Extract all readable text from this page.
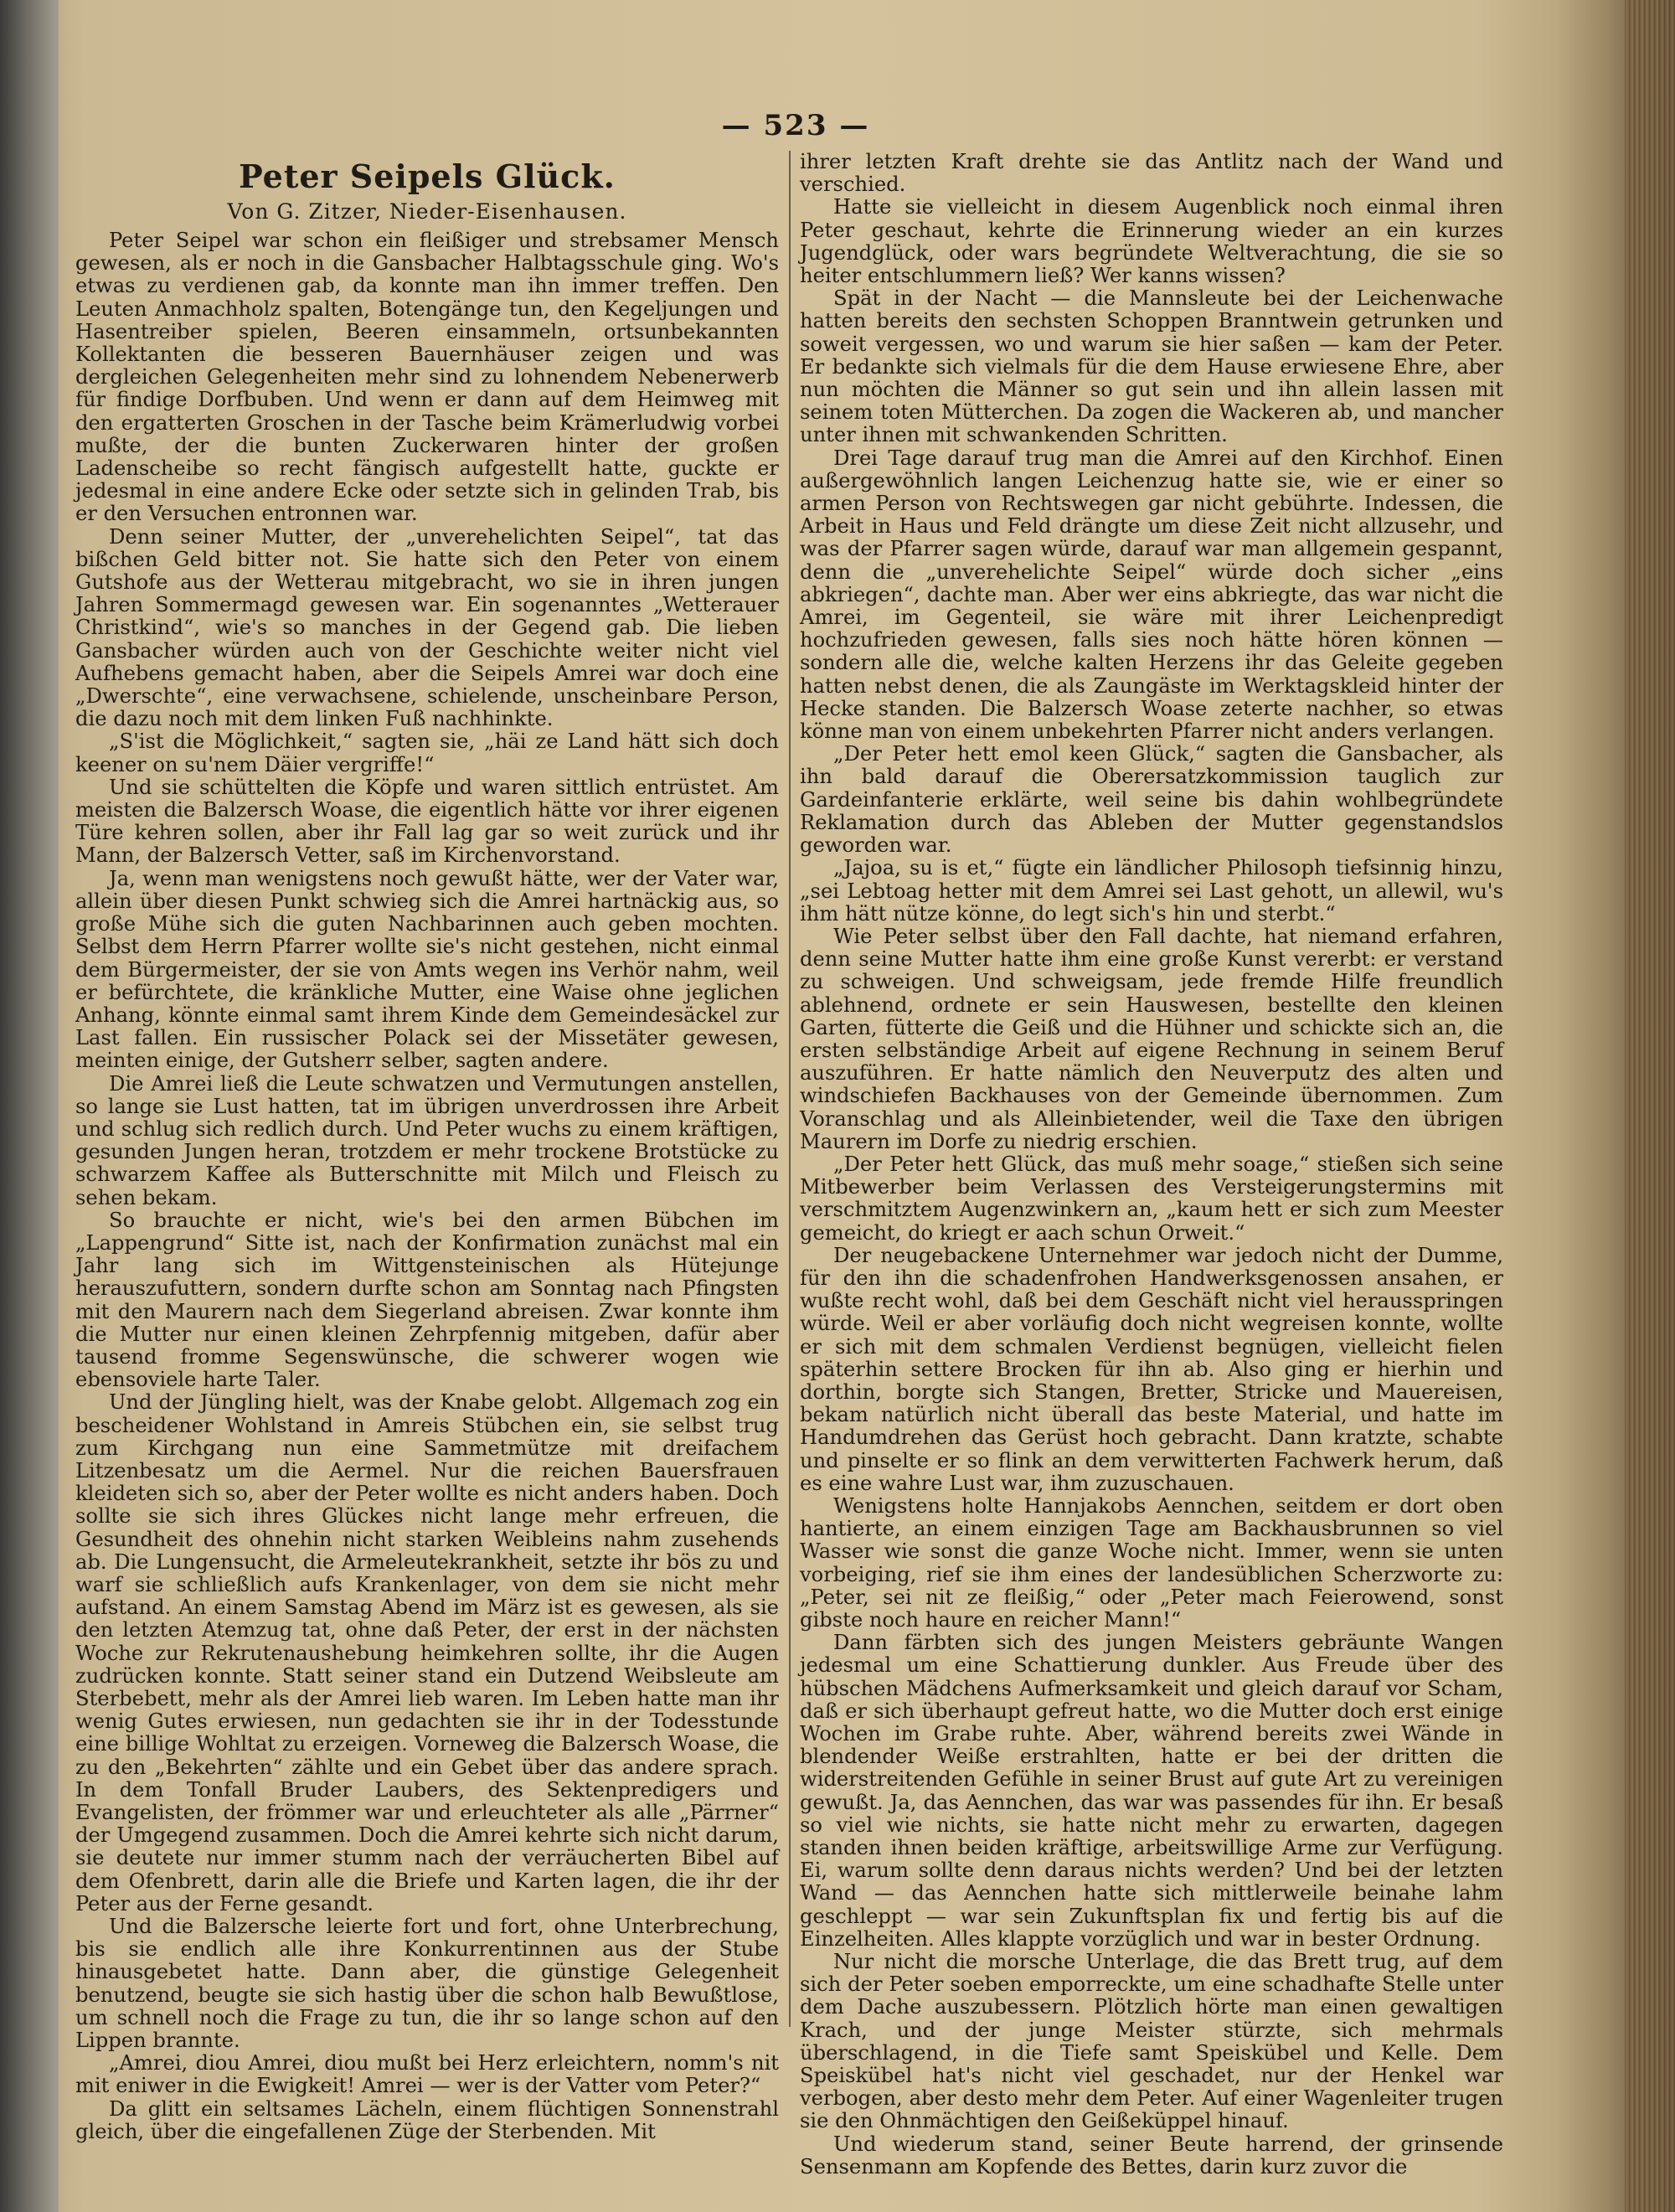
— 523 —
Peter Seipels Glück.
Von G. Zitzer, Nieder-Eisenhausen.

Peter Seipel war schon ein fleißiger und strebsamer Mensch gewesen, als er noch in die Gansbacher Halbtagsschule ging. Wo's etwas zu verdienen gab, da konnte man ihn immer treffen. Den Leuten Anmachholz spalten, Botengänge tun, den Kegeljungen und Hasentreiber spielen, Beeren einsammeln, ortsunbekannten Kollektanten die besseren Bauernhäuser zeigen und was dergleichen Gelegenheiten mehr sind zu lohnendem Nebenerwerb für findige Dorfbuben. Und wenn er dann auf dem Heimweg mit den ergatterten Groschen in der Tasche beim Krämerludwig vorbei mußte, der die bunten Zuckerwaren hinter der großen Ladenscheibe so recht fängisch aufgestellt hatte, guckte er jedesmal in eine andere Ecke oder setzte sich in gelinden Trab, bis er den Versuchen entronnen war.

Denn seiner Mutter, der „unverehelichten Seipel“, tat das bißchen Geld bitter not. Sie hatte sich den Peter von einem Gutshofe aus der Wetterau mitgebracht, wo sie in ihren jungen Jahren Sommermagd gewesen war. Ein sogenanntes „Wetterauer Christkind“, wie's so manches in der Gegend gab. Die lieben Gansbacher würden auch von der Geschichte weiter nicht viel Aufhebens gemacht haben, aber die Seipels Amrei war doch eine „Dwerschte“, eine verwachsene, schielende, unscheinbare Person, die dazu noch mit dem linken Fuß nachhinkte.

„S'ist die Möglichkeit,“ sagten sie, „häi ze Land hätt sich doch keener on su'nem Däier vergriffe!“

Und sie schüttelten die Köpfe und waren sittlich entrüstet. Am meisten die Balzersch Woase, die eigentlich hätte vor ihrer eigenen Türe kehren sollen, aber ihr Fall lag gar so weit zurück und ihr Mann, der Balzersch Vetter, saß im Kirchenvorstand.

Ja, wenn man wenigstens noch gewußt hätte, wer der Vater war, allein über diesen Punkt schwieg sich die Amrei hartnäckig aus, so große Mühe sich die guten Nachbarinnen auch geben mochten. Selbst dem Herrn Pfarrer wollte sie's nicht gestehen, nicht einmal dem Bürgermeister, der sie von Amts wegen ins Verhör nahm, weil er befürchtete, die kränkliche Mutter, eine Waise ohne jeglichen Anhang, könnte einmal samt ihrem Kinde dem Gemeindesäckel zur Last fallen. Ein russischer Polack sei der Missetäter gewesen, meinten einige, der Gutsherr selber, sagten andere.

Die Amrei ließ die Leute schwatzen und Vermutungen anstellen, so lange sie Lust hatten, tat im übrigen unverdrossen ihre Arbeit und schlug sich redlich durch. Und Peter wuchs zu einem kräftigen, gesunden Jungen heran, trotzdem er mehr trockene Brotstücke zu schwarzem Kaffee als Butterschnitte mit Milch und Fleisch zu sehen bekam.

So brauchte er nicht, wie's bei den armen Bübchen im „Lappengrund“ Sitte ist, nach der Konfirmation zunächst mal ein Jahr lang sich im Wittgensteinischen als Hütejunge herauszufuttern, sondern durfte schon am Sonntag nach Pfingsten mit den Maurern nach dem Siegerland abreisen. Zwar konnte ihm die Mutter nur einen kleinen Zehrpfennig mitgeben, dafür aber tausend fromme Segenswünsche, die schwerer wogen wie ebensoviele harte Taler.

Und der Jüngling hielt, was der Knabe gelobt. Allgemach zog ein bescheidener Wohlstand in Amreis Stübchen ein, sie selbst trug zum Kirchgang nun eine Sammetmütze mit dreifachem Litzenbesatz um die Aermel. Nur die reichen Bauersfrauen kleideten sich so, aber der Peter wollte es nicht anders haben. Doch sollte sie sich ihres Glückes nicht lange mehr erfreuen, die Gesundheit des ohnehin nicht starken Weibleins nahm zusehends ab. Die Lungensucht, die Armeleutekrankheit, setzte ihr bös zu und warf sie schließlich aufs Krankenlager, von dem sie nicht mehr aufstand. An einem Samstag Abend im März ist es gewesen, als sie den letzten Atemzug tat, ohne daß Peter, der erst in der nächsten Woche zur Rekrutenaushebung heimkehren sollte, ihr die Augen zudrücken konnte. Statt seiner stand ein Dutzend Weibsleute am Sterbebett, mehr als der Amrei lieb waren. Im Leben hatte man ihr wenig Gutes erwiesen, nun gedachten sie ihr in der Todesstunde eine billige Wohltat zu erzeigen. Vorneweg die Balzersch Woase, die zu den „Bekehrten“ zählte und ein Gebet über das andere sprach. In dem Tonfall Bruder Laubers, des Sektenpredigers und Evangelisten, der frömmer war und erleuchteter als alle „Pärrner“ der Umgegend zusammen. Doch die Amrei kehrte sich nicht darum, sie deutete nur immer stumm nach der verräucherten Bibel auf dem Ofenbrett, darin alle die Briefe und Karten lagen, die ihr der Peter aus der Ferne gesandt.

Und die Balzersche leierte fort und fort, ohne Unterbrechung, bis sie endlich alle ihre Konkurrentinnen aus der Stube hinausgebetet hatte. Dann aber, die günstige Gelegenheit benutzend, beugte sie sich hastig über die schon halb Bewußtlose, um schnell noch die Frage zu tun, die ihr so lange schon auf den Lippen brannte.

„Amrei, diou Amrei, diou mußt bei Herz erleichtern, nomm's nit mit eniwer in die Ewigkeit! Amrei — wer is der Vatter vom Peter?“

Da glitt ein seltsames Lächeln, einem flüchtigen Sonnenstrahl gleich, über die eingefallenen Züge der Sterbenden. Mit

ihrer letzten Kraft drehte sie das Antlitz nach der Wand und verschied.

Hatte sie vielleicht in diesem Augenblick noch einmal ihren Peter geschaut, kehrte die Erinnerung wieder an ein kurzes Jugendglück, oder wars begründete Weltverachtung, die sie so heiter entschlummern ließ? Wer kanns wissen?

Spät in der Nacht — die Mannsleute bei der Leichenwache hatten bereits den sechsten Schoppen Branntwein getrunken und soweit vergessen, wo und warum sie hier saßen — kam der Peter. Er bedankte sich vielmals für die dem Hause erwiesene Ehre, aber nun möchten die Männer so gut sein und ihn allein lassen mit seinem toten Mütterchen. Da zogen die Wackeren ab, und mancher unter ihnen mit schwankenden Schritten.

Drei Tage darauf trug man die Amrei auf den Kirchhof. Einen außergewöhnlich langen Leichenzug hatte sie, wie er einer so armen Person von Rechtswegen gar nicht gebührte. Indessen, die Arbeit in Haus und Feld drängte um diese Zeit nicht allzusehr, und was der Pfarrer sagen würde, darauf war man allgemein gespannt, denn die „unverehelichte Seipel“ würde doch sicher „eins abkriegen“, dachte man. Aber wer eins abkriegte, das war nicht die Amrei, im Gegenteil, sie wäre mit ihrer Leichenpredigt hochzufrieden gewesen, falls sies noch hätte hören können — sondern alle die, welche kalten Herzens ihr das Geleite gegeben hatten nebst denen, die als Zaungäste im Werktagskleid hinter der Hecke standen. Die Balzersch Woase zeterte nachher, so etwas könne man von einem unbekehrten Pfarrer nicht anders verlangen.

„Der Peter hett emol keen Glück,“ sagten die Gansbacher, als ihn bald darauf die Oberersatzkommission tauglich zur Gardeinfanterie erklärte, weil seine bis dahin wohlbegründete Reklamation durch das Ableben der Mutter gegenstandslos geworden war.

„Jajoa, su is et,“ fügte ein ländlicher Philosoph tiefsinnig hinzu, „sei Lebtoag hetter mit dem Amrei sei Last gehott, un allewil, wu's ihm hätt nütze könne, do legt sich's hin und sterbt.“

Wie Peter selbst über den Fall dachte, hat niemand erfahren, denn seine Mutter hatte ihm eine große Kunst vererbt: er verstand zu schweigen. Und schweigsam, jede fremde Hilfe freundlich ablehnend, ordnete er sein Hauswesen, bestellte den kleinen Garten, fütterte die Geiß und die Hühner und schickte sich an, die ersten selbständige Arbeit auf eigene Rechnung in seinem Beruf auszuführen. Er hatte nämlich den Neuverputz des alten und windschiefen Backhauses von der Gemeinde übernommen. Zum Voranschlag und als Alleinbietender, weil die Taxe den übrigen Maurern im Dorfe zu niedrig erschien.

„Der Peter hett Glück, das muß mehr soage,“ stießen sich seine Mitbewerber beim Verlassen des Versteigerungstermins mit verschmitztem Augenzwinkern an, „kaum hett er sich zum Meester gemeicht, do kriegt er aach schun Orweit.“

Der neugebackene Unternehmer war jedoch nicht der Dumme, für den ihn die schadenfrohen Handwerksgenossen ansahen, er wußte recht wohl, daß bei dem Geschäft nicht viel herausspringen würde. Weil er aber vorläufig doch nicht wegreisen konnte, wollte er sich mit dem schmalen Verdienst begnügen, vielleicht fielen späterhin settere Brocken für ihn ab. Also ging er hierhin und dorthin, borgte sich Stangen, Bretter, Stricke und Mauereisen, bekam natürlich nicht überall das beste Material, und hatte im Handumdrehen das Gerüst hoch gebracht. Dann kratzte, schabte und pinselte er so flink an dem verwitterten Fachwerk herum, daß es eine wahre Lust war, ihm zuzuschauen.

Wenigstens holte Hannjakobs Aennchen, seitdem er dort oben hantierte, an einem einzigen Tage am Backhausbrunnen so viel Wasser wie sonst die ganze Woche nicht. Immer, wenn sie unten vorbeiging, rief sie ihm eines der landesüblichen Scherzworte zu: „Peter, sei nit ze fleißig,“ oder „Peter mach Feierowend, sonst gibste noch haure en reicher Mann!“

Dann färbten sich des jungen Meisters gebräunte Wangen jedesmal um eine Schattierung dunkler. Aus Freude über des hübschen Mädchens Aufmerksamkeit und gleich darauf vor Scham, daß er sich überhaupt gefreut hatte, wo die Mutter doch erst einige Wochen im Grabe ruhte. Aber, während bereits zwei Wände in blendender Weiße erstrahlten, hatte er bei der dritten die widerstreitenden Gefühle in seiner Brust auf gute Art zu vereinigen gewußt. Ja, das Aennchen, das war was passendes für ihn. Er besaß so viel wie nichts, sie hatte nicht mehr zu erwarten, dagegen standen ihnen beiden kräftige, arbeitswillige Arme zur Verfügung. Ei, warum sollte denn daraus nichts werden? Und bei der letzten Wand — das Aennchen hatte sich mittlerweile beinahe lahm geschleppt — war sein Zukunftsplan fix und fertig bis auf die Einzelheiten. Alles klappte vorzüglich und war in bester Ordnung.

Nur nicht die morsche Unterlage, die das Brett trug, auf dem sich der Peter soeben emporreckte, um eine schadhafte Stelle unter dem Dache auszubessern. Plötzlich hörte man einen gewaltigen Krach, und der junge Meister stürzte, sich mehrmals überschlagend, in die Tiefe samt Speiskübel und Kelle. Dem Speiskübel hat's nicht viel geschadet, nur der Henkel war verbogen, aber desto mehr dem Peter. Auf einer Wagenleiter trugen sie den Ohnmächtigen den Geißeküppel hinauf.

Und wiederum stand, seiner Beute harrend, der grinsende Sensenmann am Kopfende des Bettes, darin kurz zuvor die
